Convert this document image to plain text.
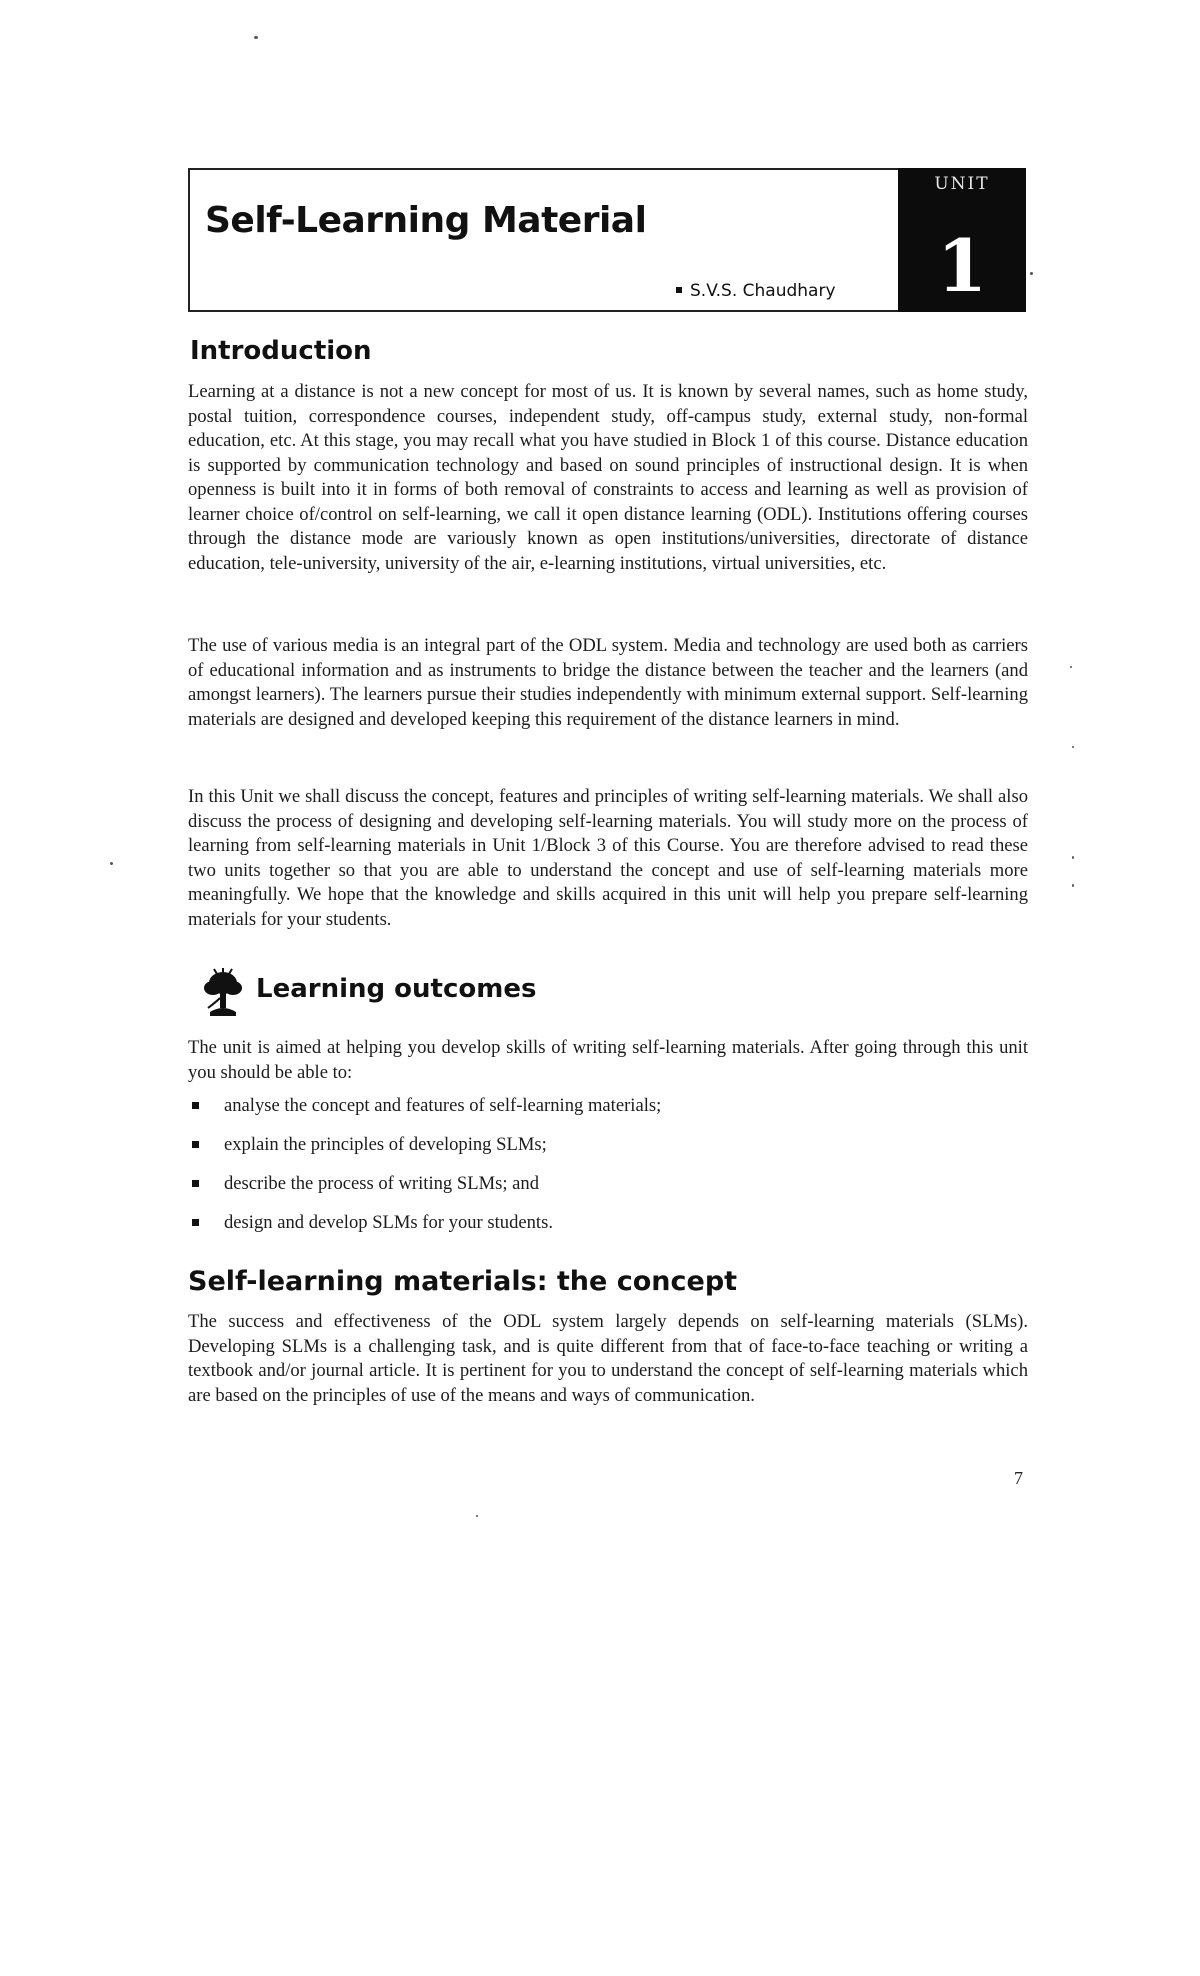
Self-Learning Material
S.V.S. Chaudhary
UNIT
1
Introduction

Learning at a distance is not a new concept for most of us. It is known by several names, such as home study, postal tuition, correspondence courses, independent study, off-campus study, external study, non-formal education, etc. At this stage, you may recall what you have studied in Block 1 of this course. Distance education is supported by communication technology and based on sound principles of instructional design. It is when openness is built into it in forms of both removal of constraints to access and learning as well as provision of learner choice of/control on self-learning, we call it open distance learning (ODL). Institutions offering courses through the distance mode are variously known as open institutions/universities, directorate of distance education, tele-university, university of the air, e-learning institutions, virtual universities, etc.

The use of various media is an integral part of the ODL system. Media and technology are used both as carriers of educational information and as instruments to bridge the distance between the teacher and the learners (and amongst learners). The learners pursue their studies independently with minimum external support. Self-learning materials are designed and developed keeping this requirement of the distance learners in mind.

In this Unit we shall discuss the concept, features and principles of writing self-learning materials. We shall also discuss the process of designing and developing self-learning materials. You will study more on the process of learning from self-learning materials in Unit 1/Block 3 of this Course. You are therefore advised to read these two units together so that you are able to understand the concept and use of self-learning materials more meaningfully. We hope that the knowledge and skills acquired in this unit will help you prepare self-learning materials for your students.

Learning outcomes

The unit is aimed at helping you develop skills of writing self-learning materials. After going through this unit you should be able to:

analyse the concept and features of self-learning materials;
explain the principles of developing SLMs;
describe the process of writing SLMs; and
design and develop SLMs for your students.
Self-learning materials: the concept

The success and effectiveness of the ODL system largely depends on self-learning materials (SLMs). Developing SLMs is a challenging task, and is quite different from that of face-to-face teaching or writing a textbook and/or journal article. It is pertinent for you to understand the concept of self-learning materials which are based on the principles of use of the means and ways of communication.

7
